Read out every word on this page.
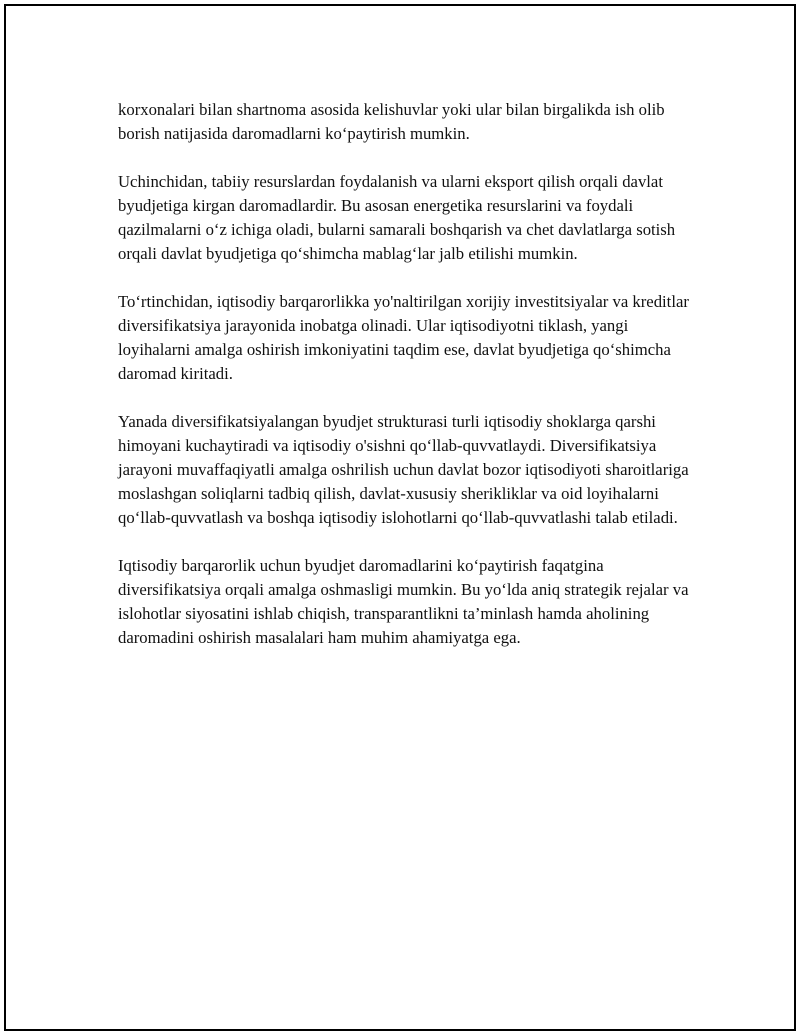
korxonalari bilan shartnoma asosida kelishuvlar yoki ular bilan birgalikda ish olib borish natijasida daromadlarni ko‘paytirish mumkin.

Uchinchidan, tabiiy resurslardan foydalanish va ularni eksport qilish orqali davlat byudjetiga kirgan daromadlardir. Bu asosan energetika resurslarini va foydali qazilmalarni o‘z ichiga oladi, bularni samarali boshqarish va chet davlatlarga sotish orqali davlat byudjetiga qo‘shimcha mablag‘lar jalb etilishi mumkin.

To‘rtinchidan, iqtisodiy barqarorlikka yo'naltirilgan xorijiy investitsiyalar va kreditlar diversifikatsiya jarayonida inobatga olinadi. Ular iqtisodiyotni tiklash, yangi loyihalarni amalga oshirish imkoniyatini taqdim ese, davlat byudjetiga qo‘shimcha daromad kiritadi.

Yanada diversifikatsiyalangan byudjet strukturasi turli iqtisodiy shoklarga qarshi himoyani kuchaytiradi va iqtisodiy o'sishni qo‘llab-quvvatlaydi. Diversifikatsiya jarayoni muvaffaqiyatli amalga oshrilish uchun davlat bozor iqtisodiyoti sharoitlariga moslashgan soliqlarni tadbiq qilish, davlat-xususiy sherikliklar va oid loyihalarni qo‘llab-quvvatlash va boshqa iqtisodiy islohotlarni qo‘llab-quvvatlashi talab etiladi.

Iqtisodiy barqarorlik uchun byudjet daromadlarini ko‘paytirish faqatgina diversifikatsiya orqali amalga oshmasligi mumkin. Bu yo‘lda aniq strategik rejalar va islohotlar siyosatini ishlab chiqish, transparantlikni ta’minlash hamda aholining daromadini oshirish masalalari ham muhim ahamiyatga ega.
